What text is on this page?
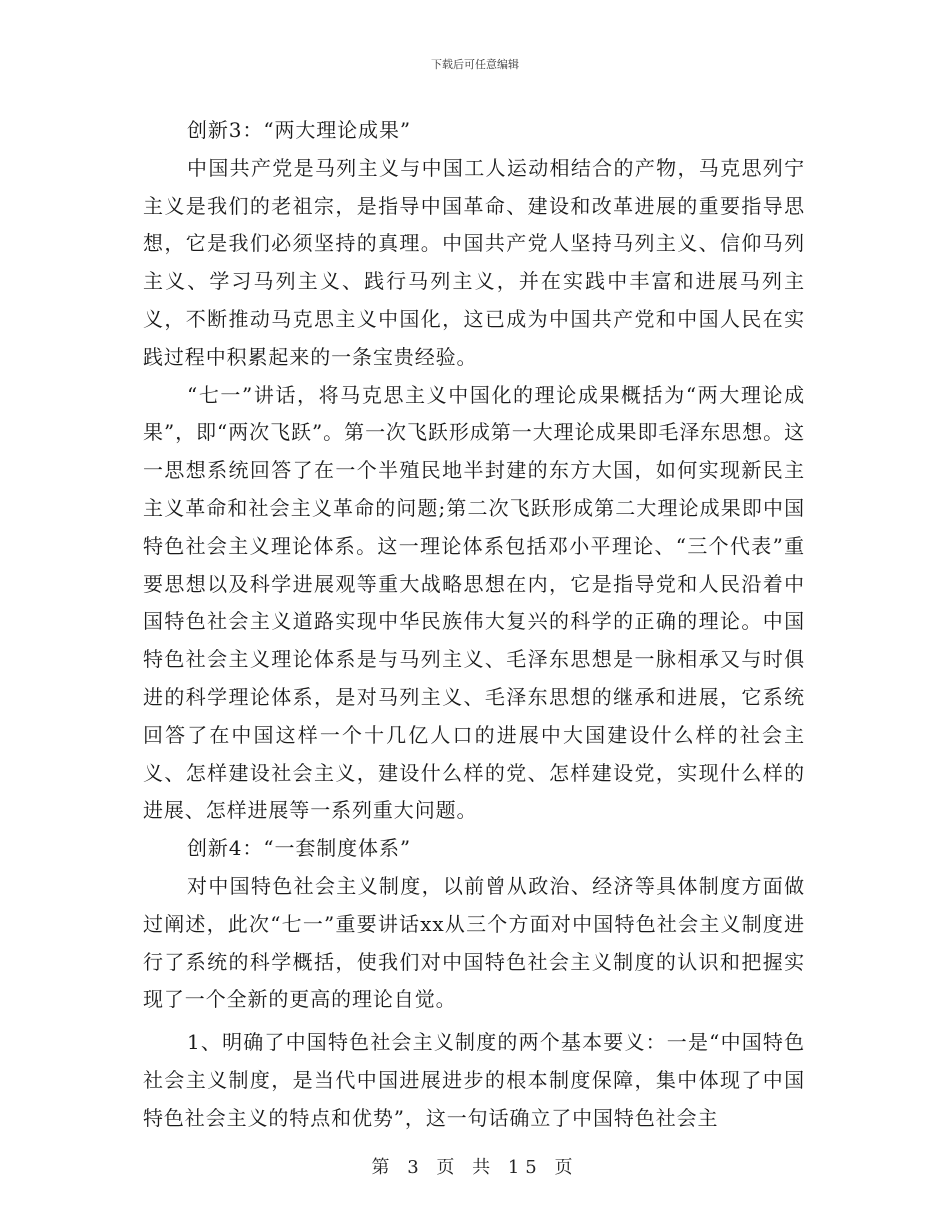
下载后可任意编辑

创新3：“两大理论成果”

中国共产党是马列主义与中国工人运动相结合的产物，马克思列宁主义是我们的老祖宗，是指导中国革命、建设和改革进展的重要指导思想，它是我们必须坚持的真理。中国共产党人坚持马列主义、信仰马列主义、学习马列主义、践行马列主义，并在实践中丰富和进展马列主义，不断推动马克思主义中国化，这已成为中国共产党和中国人民在实践过程中积累起来的一条宝贵经验。

“七一”讲话，将马克思主义中国化的理论成果概括为“两大理论成果”，即“两次飞跃”。第一次飞跃形成第一大理论成果即毛泽东思想。这一思想系统回答了在一个半殖民地半封建的东方大国，如何实现新民主主义革命和社会主义革命的问题;第二次飞跃形成第二大理论成果即中国特色社会主义理论体系。这一理论体系包括邓小平理论、“三个代表”重要思想以及科学进展观等重大战略思想在内，它是指导党和人民沿着中国特色社会主义道路实现中华民族伟大复兴的科学的正确的理论。中国特色社会主义理论体系是与马列主义、毛泽东思想是一脉相承又与时俱进的科学理论体系，是对马列主义、毛泽东思想的继承和进展，它系统回答了在中国这样一个十几亿人口的进展中大国建设什么样的社会主义、怎样建设社会主义，建设什么样的党、怎样建设党，实现什么样的进展、怎样进展等一系列重大问题。

创新4：“一套制度体系”

对中国特色社会主义制度，以前曾从政治、经济等具体制度方面做过阐述，此次“七一”重要讲话xx从三个方面对中国特色社会主义制度进行了系统的科学概括，使我们对中国特色社会主义制度的认识和把握实现了一个全新的更高的理论自觉。

1、明确了中国特色社会主义制度的两个基本要义：一是“中国特色社会主义制度，是当代中国进展进步的根本制度保障，集中体现了中国特色社会主义的特点和优势”，这一句话确立了中国特色社会主

第 3 页 共 15 页
